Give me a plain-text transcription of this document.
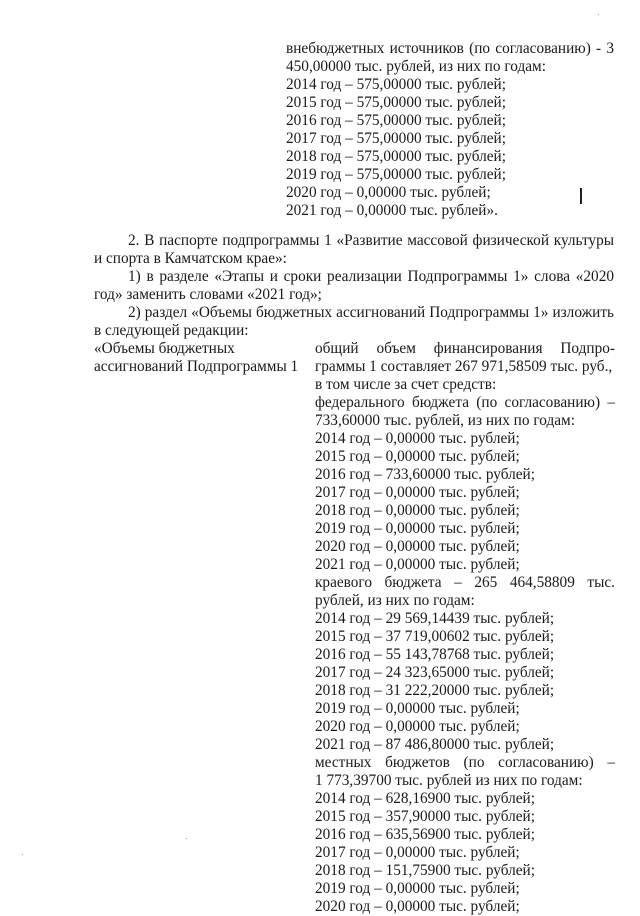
внебюджетных источников (по согласованию) - 3
450,00000 тыс. рублей, из них по годам:
2014 год – 575,00000 тыс. рублей;
2015 год – 575,00000 тыс. рублей;
2016 год – 575,00000 тыс. рублей;
2017 год – 575,00000 тыс. рублей;
2018 год – 575,00000 тыс. рублей;
2019 год – 575,00000 тыс. рублей;
2020 год – 0,00000 тыс. рублей;
2021 год – 0,00000 тыс. рублей».
2. В паспорте подпрограммы 1 «Развитие массовой физической культуры
и спорта в Камчатском крае»:
1) в разделе «Этапы и сроки реализации Подпрограммы 1» слова «2020
год» заменить словами «2021 год»;
2) раздел «Объемы бюджетных ассигнований Подпрограммы 1» изложить
в следующей редакции:
«Объемы бюджетных
ассигнований Подпрограммы 1
общий объем финансирования Подпро-
граммы 1 составляет 267 971,58509 тыс. руб.,
в том числе за счет средств:
федерального бюджета (по согласованию) –
733,60000 тыс. рублей, из них по годам:
2014 год – 0,00000 тыс. рублей;
2015 год – 0,00000 тыс. рублей;
2016 год – 733,60000 тыс. рублей;
2017 год – 0,00000 тыс. рублей;
2018 год – 0,00000 тыс. рублей;
2019 год – 0,00000 тыс. рублей;
2020 год – 0,00000 тыс. рублей;
2021 год – 0,00000 тыс. рублей;
краевого бюджета – 265 464,58809 тыс.
рублей, из них по годам:
2014 год – 29 569,14439 тыс. рублей;
2015 год – 37 719,00602 тыс. рублей;
2016 год – 55 143,78768 тыс. рублей;
2017 год – 24 323,65000 тыс. рублей;
2018 год – 31 222,20000 тыс. рублей;
2019 год – 0,00000 тыс. рублей;
2020 год – 0,00000 тыс. рублей;
2021 год – 87 486,80000 тыс. рублей;
местных бюджетов (по согласованию) –
1 773,39700 тыс. рублей из них по годам:
2014 год – 628,16900 тыс. рублей;
2015 год – 357,90000 тыс. рублей;
2016 год – 635,56900 тыс. рублей;
2017 год – 0,00000 тыс. рублей;
2018 год – 151,75900 тыс. рублей;
2019 год – 0,00000 тыс. рублей;
2020 год – 0,00000 тыс. рублей;
